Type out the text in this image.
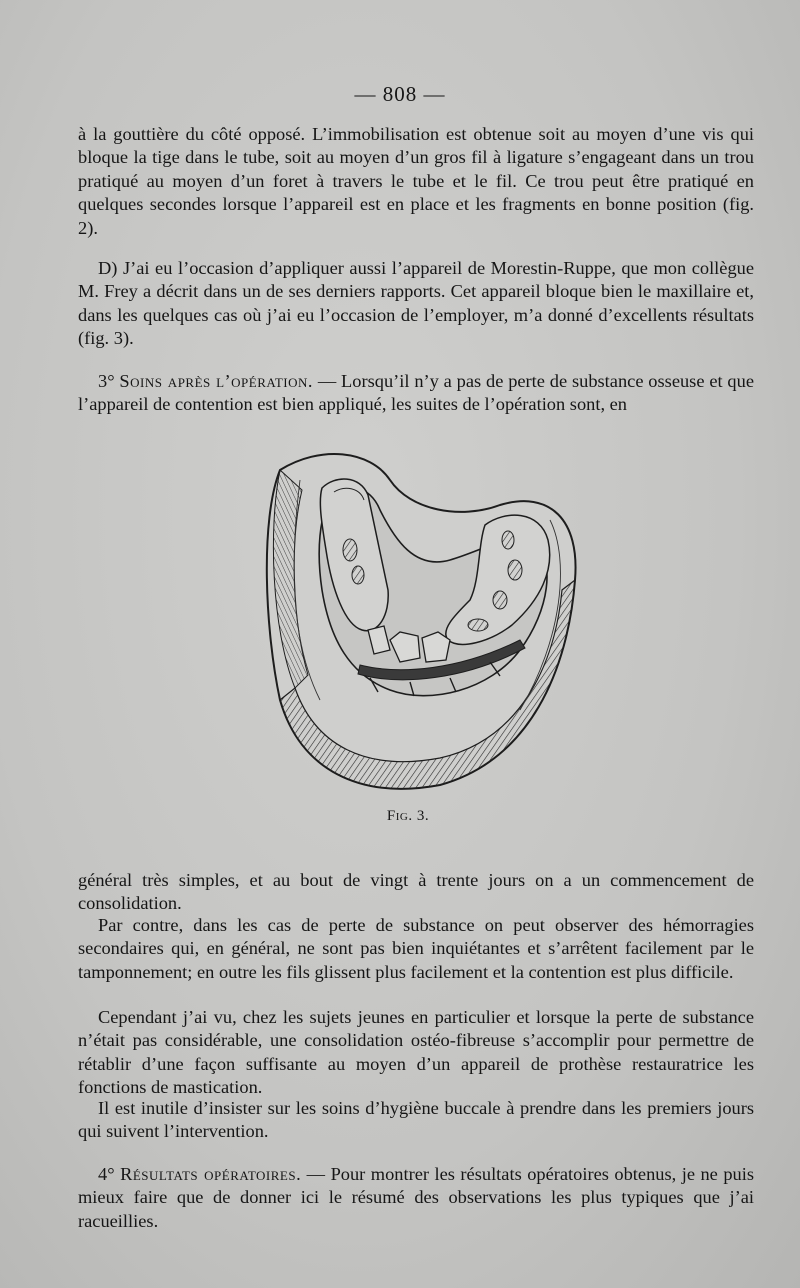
— 808 —

à la gouttière du côté opposé. L’immobilisation est obtenue soit au moyen d’une vis qui bloque la tige dans le tube, soit au moyen d’un gros fil à ligature s’engageant dans un trou pratiqué au moyen d’un foret à travers le tube et le fil. Ce trou peut être pratiqué en quelques secondes lorsque l’appareil est en place et les fragments en bonne position (fig. 2).

D) J’ai eu l’occasion d’appliquer aussi l’appareil de Morestin-Ruppe, que mon collègue M. Frey a décrit dans un de ses derniers rapports. Cet appareil bloque bien le maxillaire et, dans les quelques cas où j’ai eu l’occasion de l’employer, m’a donné d’excellents résultats (fig. 3).

3° Soins après l’opération. — Lorsqu’il n’y a pas de perte de substance osseuse et que l’appareil de contention est bien appliqué, les suites de l’opération sont, en

Fig. 3.

général très simples, et au bout de vingt à trente jours on a un commencement de consolidation.

Par contre, dans les cas de perte de substance on peut observer des hémorragies secondaires qui, en général, ne sont pas bien inquiétantes et s’arrêtent facilement par le tamponnement; en outre les fils glissent plus facilement et la contention est plus difficile.

Cependant j’ai vu, chez les sujets jeunes en particulier et lorsque la perte de substance n’était pas considérable, une consolidation ostéo-fibreuse s’accomplir pour permettre de rétablir d’une façon suffisante au moyen d’un appareil de prothèse restauratrice les fonctions de mastication.

Il est inutile d’insister sur les soins d’hygiène buccale à prendre dans les premiers jours qui suivent l’intervention.

4° Résultats opératoires. — Pour montrer les résultats opératoires obtenus, je ne puis mieux faire que de donner ici le résumé des observations les plus typiques que j’ai racueillies.
